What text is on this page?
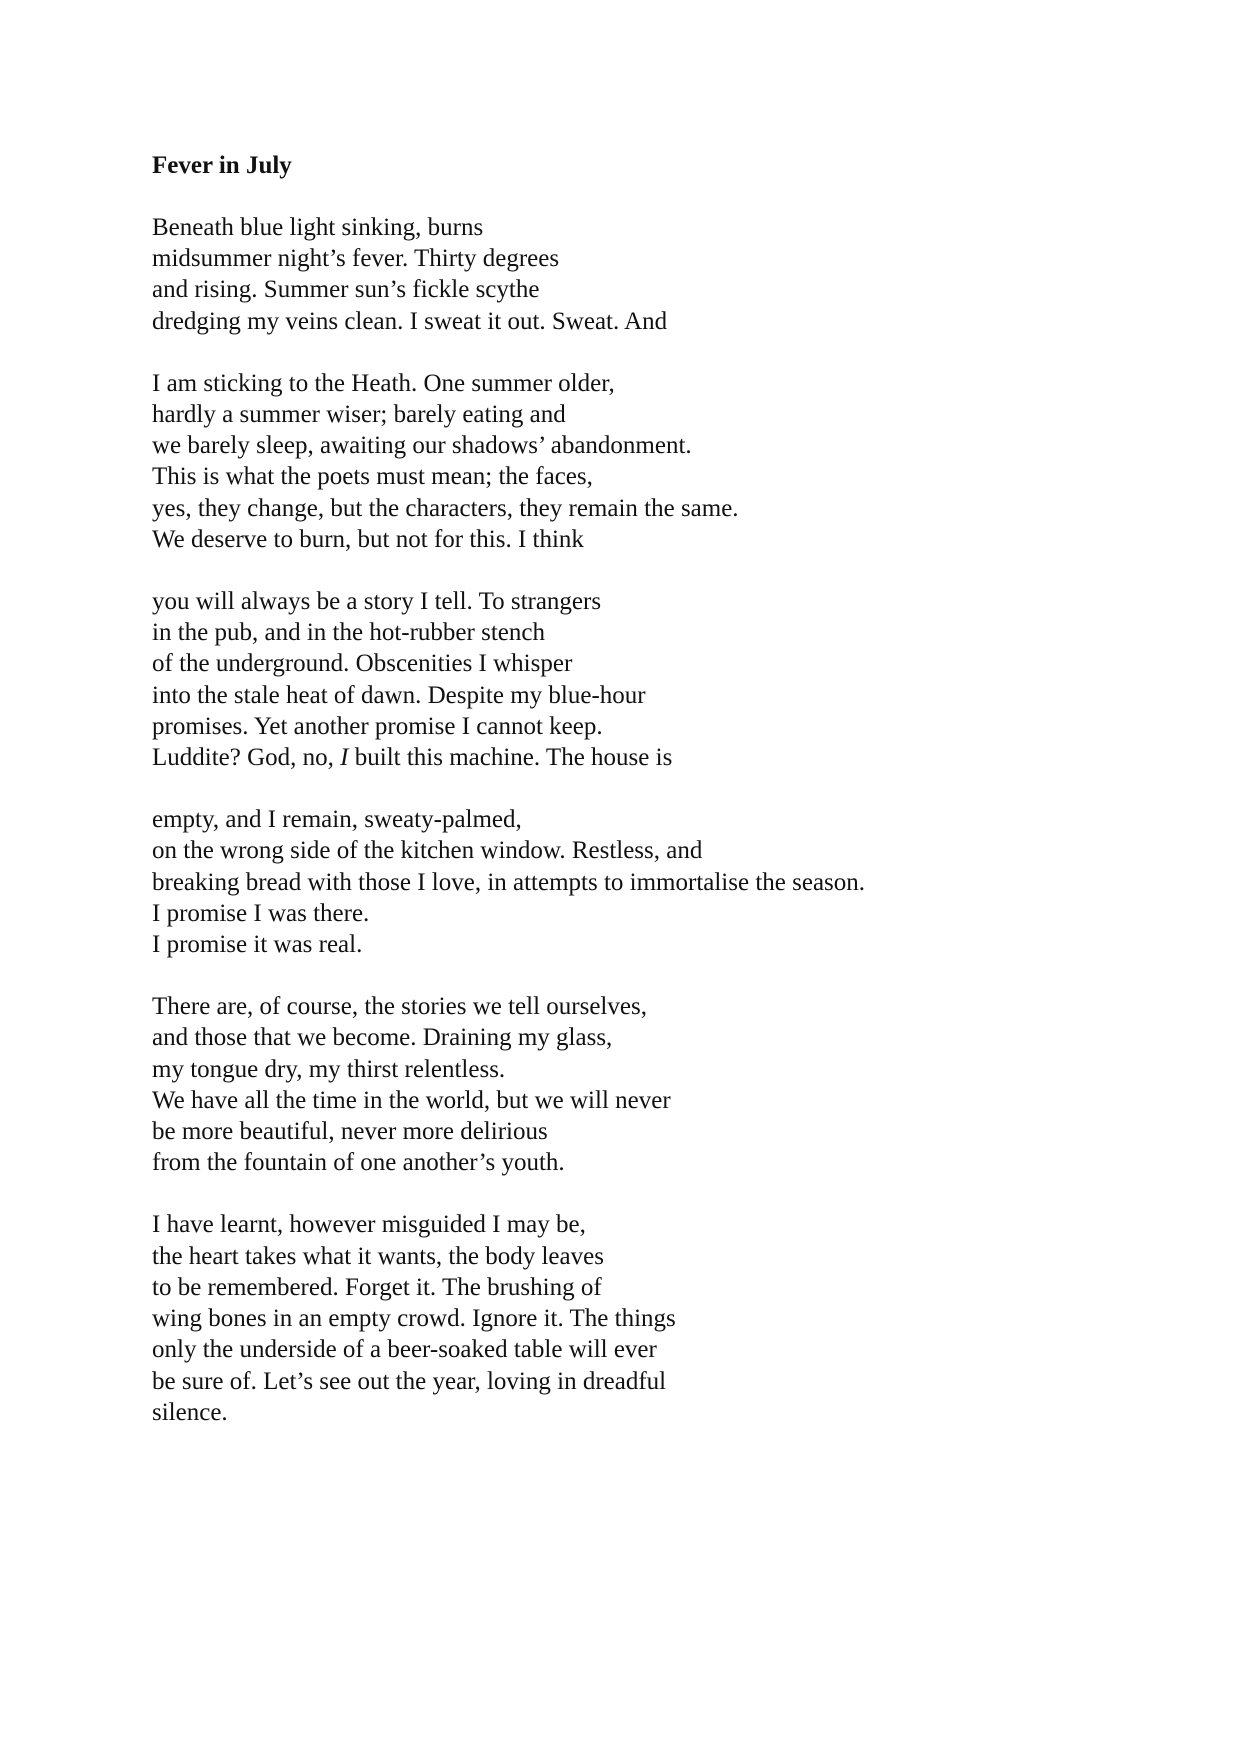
Fever in July
Beneath blue light sinking, burns
midsummer night’s fever. Thirty degrees
and rising. Summer sun’s fickle scythe
dredging my veins clean. I sweat it out. Sweat. And
I am sticking to the Heath. One summer older,
hardly a summer wiser; barely eating and
we barely sleep, awaiting our shadows’ abandonment.
This is what the poets must mean; the faces,
yes, they change, but the characters, they remain the same.
We deserve to burn, but not for this. I think
you will always be a story I tell. To strangers
in the pub, and in the hot-rubber stench
of the underground. Obscenities I whisper
into the stale heat of dawn. Despite my blue-hour
promises. Yet another promise I cannot keep.
Luddite? God, no, I built this machine. The house is
empty, and I remain, sweaty-palmed,
on the wrong side of the kitchen window. Restless, and
breaking bread with those I love, in attempts to immortalise the season.
I promise I was there.
I promise it was real.
There are, of course, the stories we tell ourselves,
and those that we become. Draining my glass,
my tongue dry, my thirst relentless.
We have all the time in the world, but we will never
be more beautiful, never more delirious
from the fountain of one another’s youth.
I have learnt, however misguided I may be,
the heart takes what it wants, the body leaves
to be remembered. Forget it. The brushing of
wing bones in an empty crowd. Ignore it. The things
only the underside of a beer-soaked table will ever
be sure of. Let’s see out the year, loving in dreadful
silence.
